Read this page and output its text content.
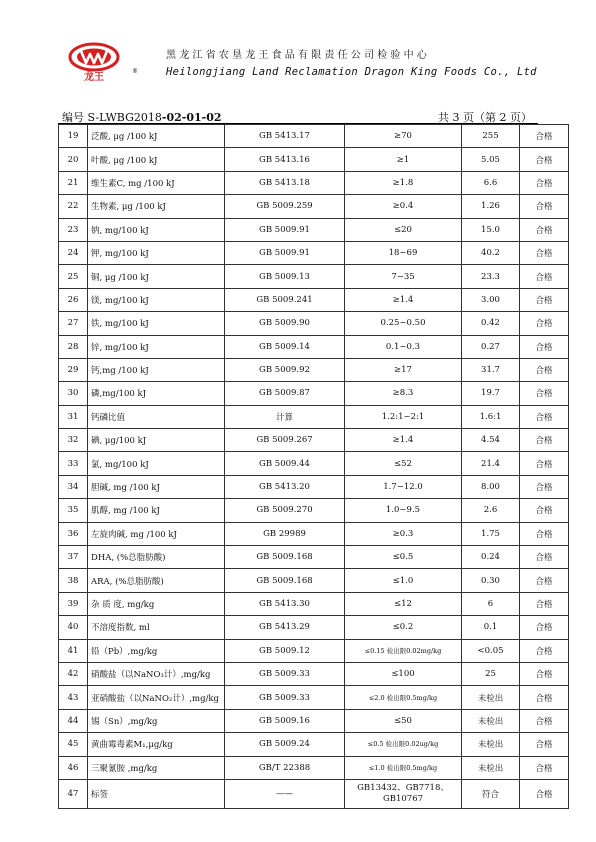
龙王
®
黑龙江省农垦龙王食品有限责任公司检验中心
Heilongjiang Land Reclamation Dragon King Foods Co., Ltd
编号 S-LWBG2018-02-01-02	共 3 页（第 2 页）
19	泛酸, μg /100 kJ	GB 5413.17	≥70	255	合格
20	叶酸, μg /100 kJ	GB 5413.16	≥1	5.05	合格
21	维生素C, mg /100 kJ	GB 5413.18	≥1.8	6.6	合格
22	生物素, μg /100 kJ	GB 5009.259	≥0.4	1.26	合格
23	钠, mg/100 kJ	GB 5009.91	≤20	15.0	合格
24	钾, mg/100 kJ	GB 5009.91	18~69	40.2	合格
25	铜, μg /100 kJ	GB 5009.13	7~35	23.3	合格
26	镁, mg/100 kJ	GB 5009.241	≥1.4	3.00	合格
27	铁, mg/100 kJ	GB 5009.90	0.25~0.50	0.42	合格
28	锌, mg/100 kJ	GB 5009.14	0.1~0.3	0.27	合格
29	钙,mg /100 kJ	GB 5009.92	≥17	31.7	合格
30	磷,mg/100 kJ	GB 5009.87	≥8.3	19.7	合格
31	钙磷比值	计算	1.2:1~2:1	1.6:1	合格
32	碘, μg/100 kJ	GB 5009.267	≥1.4	4.54	合格
33	氯, mg/100 kJ	GB 5009.44	≤52	21.4	合格
34	胆碱, mg /100 kJ	GB 5413.20	1.7~12.0	8.00	合格
35	肌醇, mg /100 kJ	GB 5009.270	1.0~9.5	2.6	合格
36	左旋肉碱, mg /100 kJ	GB 29989	≥0.3	1.75	合格
37	DHA, (%总脂肪酸)	GB 5009.168	≤0.5	0.24	合格
38	ARA, (%总脂肪酸)	GB 5009.168	≤1.0	0.30	合格
39	杂 质 度, mg/kg	GB 5413.30	≤12	6	合格
40	不溶度指数, ml	GB 5413.29	≤0.2	0.1	合格
41	铅（Pb）,mg/kg	GB 5009.12	≤0.15 检出限0.02mg/kg	<0.05	合格
42	硝酸盐（以NaNO₃计）,mg/kg	GB 5009.33	≤100	25	合格
43	亚硝酸盐（以NaNO₂计）,mg/kg	GB 5009.33	≤2.0 检出限0.5mg/kg	未检出	合格
44	锡（Sn）,mg/kg	GB 5009.16	≤50	未检出	合格
45	黄曲霉毒素M₁,μg/kg	GB 5009.24	≤0.5 检出限0.02ug/kg	未检出	合格
46	三聚氰胺 ,mg/kg	GB/T 22388	≤1.0 检出限0.5mg/kg	未检出	合格
47	标签	——	GB13432、GB7718、GB10767	符合	合格
